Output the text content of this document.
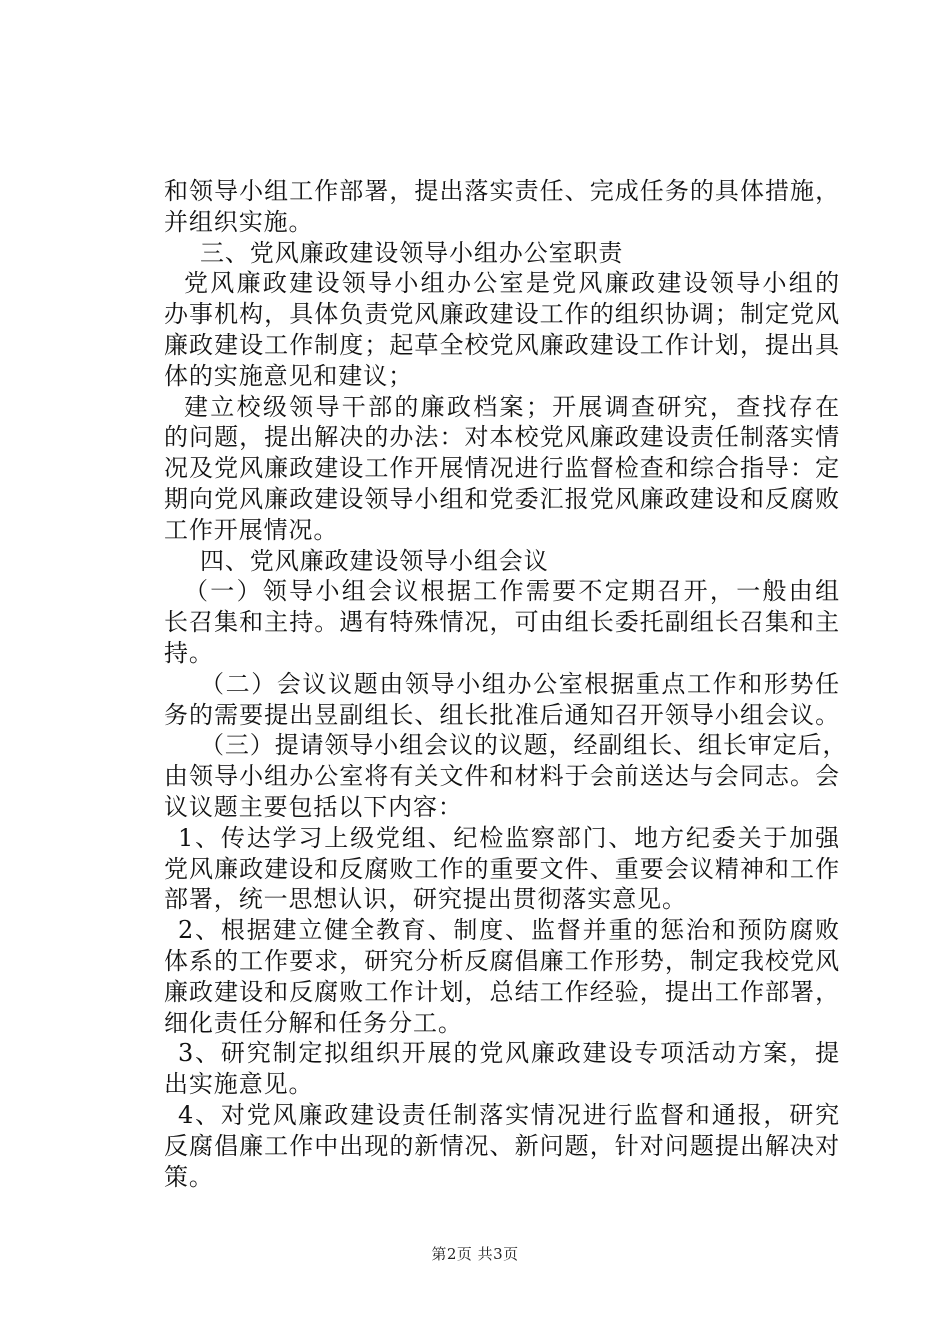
和领导小组工作部署，提出落实责任、完成任务的具体措施，
并组织实施。
三、党风廉政建设领导小组办公室职责
党风廉政建设领导小组办公室是党风廉政建设领导小组的
办事机构，具体负责党风廉政建设工作的组织协调；制定党风
廉政建设工作制度；起草全校党风廉政建设工作计划，提出具
体的实施意见和建议；
建立校级领导干部的廉政档案；开展调查研究，查找存在
的问题，提出解决的办法：对本校党风廉政建设责任制落实情
况及党风廉政建设工作开展情况进行监督检查和综合指导：定
期向党风廉政建设领导小组和党委汇报党风廉政建设和反腐败
工作开展情况。
四、党风廉政建设领导小组会议
（一）领导小组会议根据工作需要不定期召开，一般由组
长召集和主持。遇有特殊情况，可由组长委托副组长召集和主
持。
（二）会议议题由领导小组办公室根据重点工作和形势任
务的需要提出昱副组长、组长批准后通知召开领导小组会议。
（三）提请领导小组会议的议题，经副组长、组长审定后，
由领导小组办公室将有关文件和材料于会前送达与会同志。会
议议题主要包括以下内容：
1、传达学习上级党组、纪检监察部门、地方纪委关于加强
党风廉政建设和反腐败工作的重要文件、重要会议精神和工作
部署，统一思想认识，研究提出贯彻落实意见。
2、根据建立健全教育、制度、监督并重的惩治和预防腐败
体系的工作要求，研究分析反腐倡廉工作形势，制定我校党风
廉政建设和反腐败工作计划，总结工作经验，提出工作部署，
细化责任分解和任务分工。
3、研究制定拟组织开展的党风廉政建设专项活动方案，提
出实施意见。
4、对党风廉政建设责任制落实情况进行监督和通报，研究
反腐倡廉工作中出现的新情况、新问题，针对问题提出解决对
策。
第2页 共3页
